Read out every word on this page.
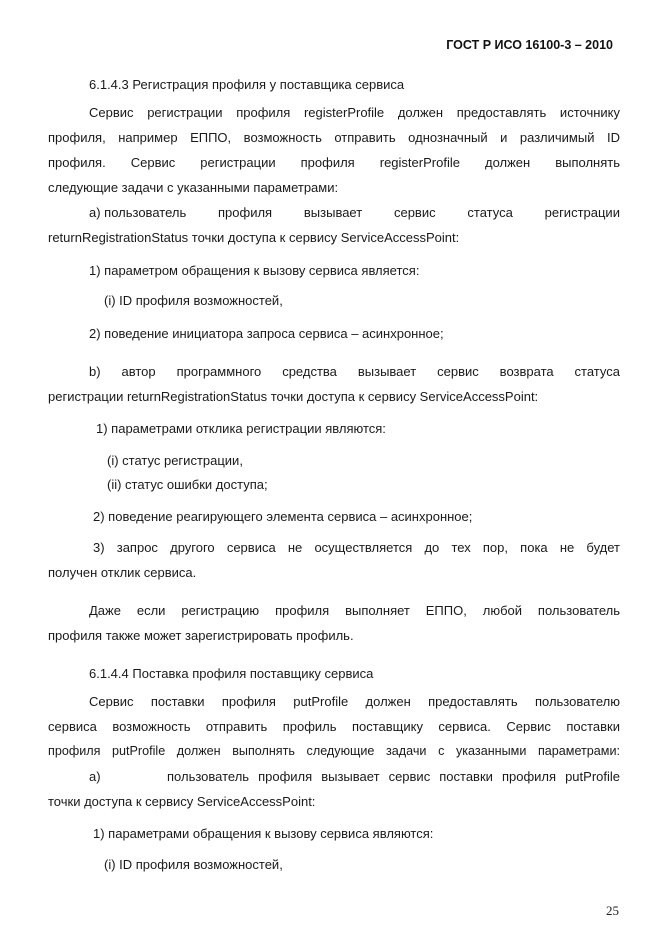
ГОСТ Р ИСО 16100-3 – 2010
6.1.4.3 Регистрация профиля у поставщика сервиса
Сервис регистрации профиля registerProfile должен предоставлять источнику
профиля, например ЕППО, возможность отправить однозначный и различимый ID
профиля. Сервис регистрации профиля registerProfile должен выполнять
следующие задачи с указанными параметрами:
а) пользователь профиля вызывает сервис статуса регистрации
returnRegistrationStatus точки доступа к сервису ServiceAccessPoint:
1) параметром обращения к вызову сервиса является:
(i) ID профиля возможностей,
2) поведение инициатора запроса сервиса – асинхронное;
b) автор программного средства вызывает сервис возврата статуса
регистрации returnRegistrationStatus точки доступа к сервису ServiceAccessPoint:
1) параметрами отклика регистрации являются:
(i) статус регистрации,
(ii) статус ошибки доступа;
2) поведение реагирующего элемента сервиса – асинхронное;
3) запрос другого сервиса не осуществляется до тех пор, пока не будет
получен отклик сервиса.
Даже если регистрацию профиля выполняет ЕППО, любой пользователь
профиля также может зарегистрировать профиль.
6.1.4.4 Поставка профиля поставщику сервиса
Сервис поставки профиля putProfile должен предоставлять пользователю
сервиса возможность отправить профиль поставщику сервиса. Сервис поставки
профиля putProfile должен выполнять следующие задачи с указанными параметрами:
а)	пользователь профиля вызывает сервис поставки профиля putProfile
точки доступа к сервису ServiceAccessPoint:
1) параметрами обращения к вызову сервиса являются:
(i) ID профиля возможностей,
25
